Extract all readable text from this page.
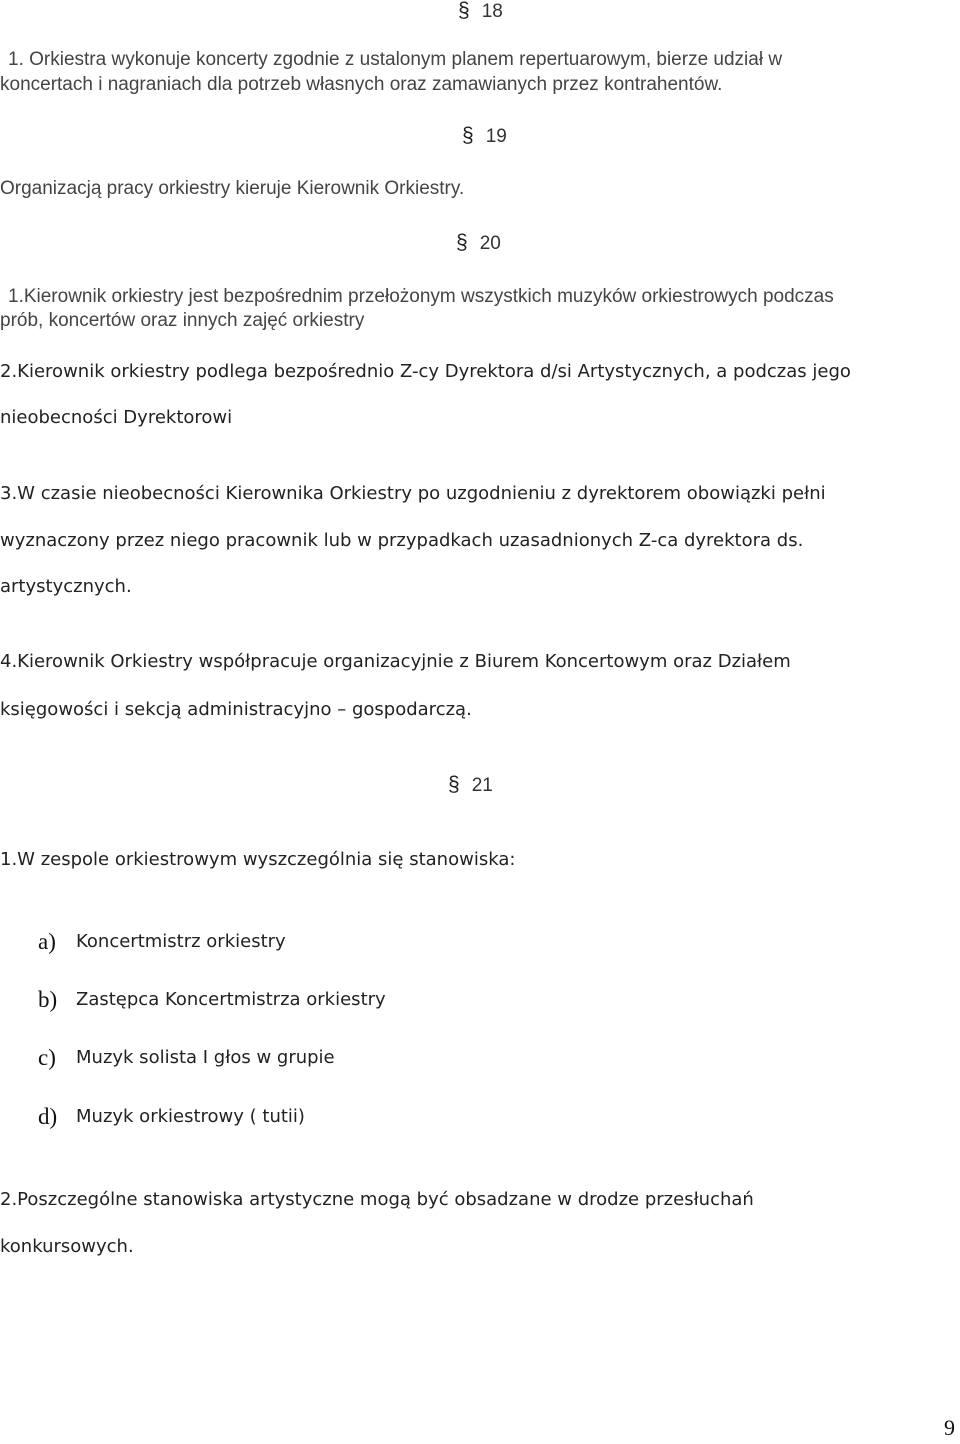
§ 18
1. Orkiestra wykonuje koncerty zgodnie z ustalonym planem repertuarowym, bierze udział w
koncertach i nagraniach dla potrzeb własnych oraz zamawianych przez kontrahentów.
§ 19
Organizacją pracy orkiestry kieruje Kierownik Orkiestry.
§ 20
1.Kierownik orkiestry jest bezpośrednim przełożonym wszystkich muzyków orkiestrowych podczas
prób, koncertów oraz innych zajęć orkiestry
2.Kierownik orkiestry podlega bezpośrednio Z-cy Dyrektora d/si Artystycznych, a podczas jego
nieobecności Dyrektorowi
3.W czasie nieobecności Kierownika Orkiestry po uzgodnieniu z dyrektorem obowiązki pełni
wyznaczony przez niego pracownik lub w przypadkach uzasadnionych Z-ca dyrektora ds.
artystycznych.
4.Kierownik Orkiestry współpracuje organizacyjnie z Biurem Koncertowym oraz Działem
księgowości i sekcją administracyjno – gospodarczą.
§ 21
1.W zespole orkiestrowym wyszczególnia się stanowiska:
a) Koncertmistrz orkiestry
b) Zastępca Koncertmistrza orkiestry
c) Muzyk solista I głos w grupie
d) Muzyk orkiestrowy ( tutii)
2.Poszczególne stanowiska artystyczne mogą być obsadzane w drodze przesłuchań
konkursowych.
9
